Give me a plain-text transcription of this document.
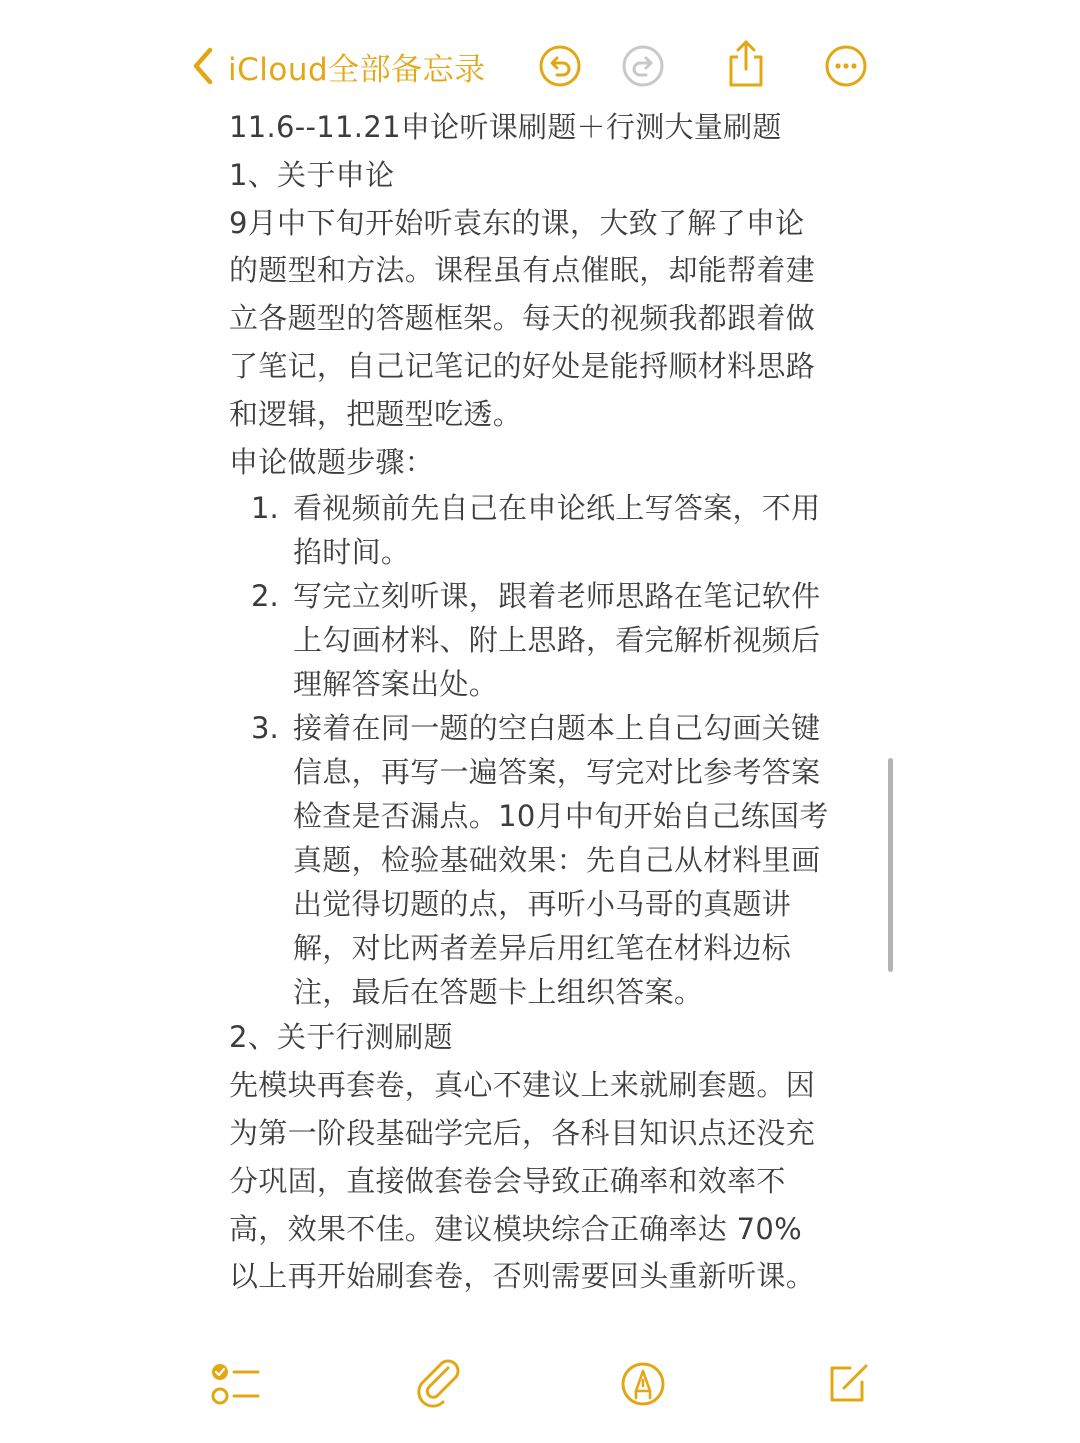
iCloud全部备忘录
11.6--11.21申论听课刷题＋行测大量刷题
1、关于申论
9月中下旬开始听袁东的课，大致了解了申论
的题型和方法。课程虽有点催眠，却能帮着建
立各题型的答题框架。每天的视频我都跟着做
了笔记，自己记笔记的好处是能捋顺材料思路
和逻辑，把题型吃透。
申论做题步骤：
1. 看视频前先自己在申论纸上写答案，不用
掐时间。
2. 写完立刻听课，跟着老师思路在笔记软件
上勾画材料、附上思路，看完解析视频后
理解答案出处。
3. 接着在同一题的空白题本上自己勾画关键
信息，再写一遍答案，写完对比参考答案
检查是否漏点。10月中旬开始自己练国考
真题，检验基础效果：先自己从材料里画
出觉得切题的点，再听小马哥的真题讲
解，对比两者差异后用红笔在材料边标
注，最后在答题卡上组织答案。
2、关于行测刷题
先模块再套卷，真心不建议上来就刷套题。因
为第一阶段基础学完后，各科目知识点还没充
分巩固，直接做套卷会导致正确率和效率不
高，效果不佳。建议模块综合正确率达 70%
以上再开始刷套卷，否则需要回头重新听课。
